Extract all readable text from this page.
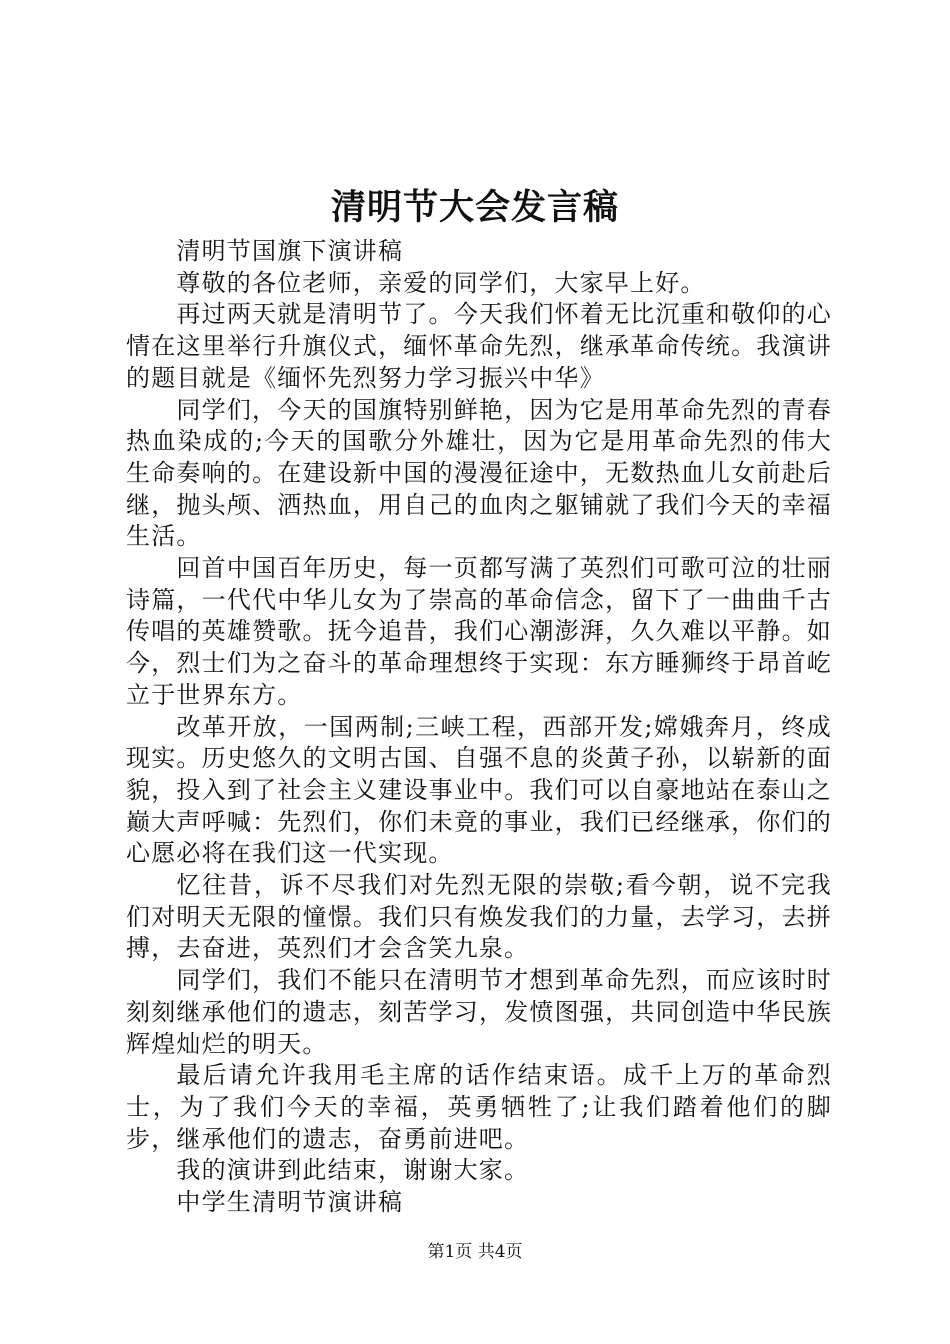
清明节大会发言稿

清明节国旗下演讲稿

尊敬的各位老师，亲爱的同学们，大家早上好。

再过两天就是清明节了。今天我们怀着无比沉重和敬仰的心情在这里举行升旗仪式，缅怀革命先烈，继承革命传统。我演讲的题目就是《缅怀先烈努力学习振兴中华》

同学们，今天的国旗特别鲜艳，因为它是用革命先烈的青春热血染成的;今天的国歌分外雄壮，因为它是用革命先烈的伟大生命奏响的。在建设新中国的漫漫征途中，无数热血儿女前赴后继，抛头颅、洒热血，用自己的血肉之躯铺就了我们今天的幸福生活。

回首中国百年历史，每一页都写满了英烈们可歌可泣的壮丽诗篇，一代代中华儿女为了崇高的革命信念，留下了一曲曲千古传唱的英雄赞歌。抚今追昔，我们心潮澎湃，久久难以平静。如今，烈士们为之奋斗的革命理想终于实现：东方睡狮终于昂首屹立于世界东方。

改革开放，一国两制;三峡工程，西部开发;嫦娥奔月，终成现实。历史悠久的文明古国、自强不息的炎黄子孙，以崭新的面貌，投入到了社会主义建设事业中。我们可以自豪地站在泰山之巅大声呼喊：先烈们，你们未竟的事业，我们已经继承，你们的心愿必将在我们这一代实现。

忆往昔，诉不尽我们对先烈无限的崇敬;看今朝，说不完我们对明天无限的憧憬。我们只有焕发我们的力量，去学习，去拼搏，去奋进，英烈们才会含笑九泉。

同学们，我们不能只在清明节才想到革命先烈，而应该时时刻刻继承他们的遗志，刻苦学习，发愤图强，共同创造中华民族辉煌灿烂的明天。

最后请允许我用毛主席的话作结束语。成千上万的革命烈士，为了我们今天的幸福，英勇牺牲了;让我们踏着他们的脚步，继承他们的遗志，奋勇前进吧。

我的演讲到此结束，谢谢大家。

中学生清明节演讲稿

第1页 共4页
